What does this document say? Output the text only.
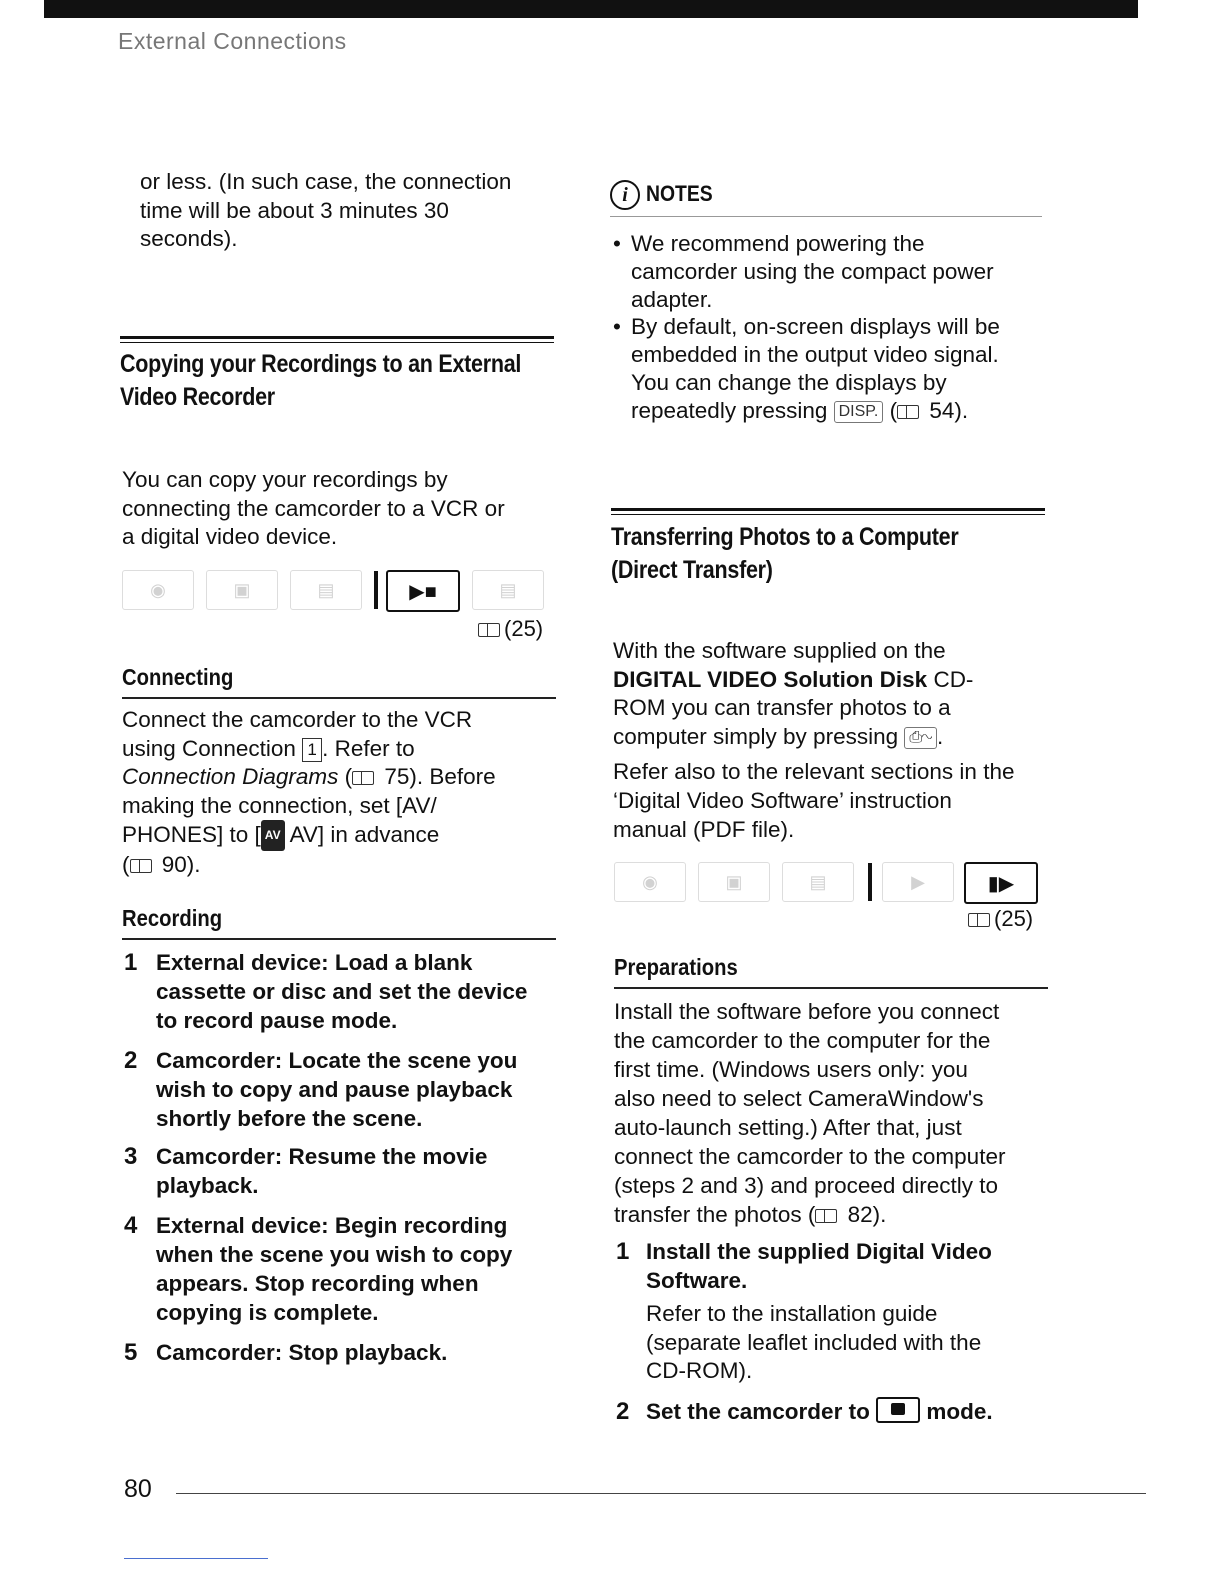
External Connections
or less. (In such case, the connection
time will be about 3 minutes 30
seconds).
Copying your Recordings to an External
Video Recorder
You can copy your recordings by
connecting the camcorder to a VCR or
a digital video device.
◉	▣	▤	▶■	▤
(25)
Connecting
Connect the camcorder to the VCR
using Connection 1 . Refer to
Connection Diagrams ( 75). Before
making the connection, set [AV/
PHONES] to [ AV AV] in advance
( 90).
Recording
1 External device: Load a blank
cassette or disc and set the device
to record pause mode.
2 Camcorder: Locate the scene you
wish to copy and pause playback
shortly before the scene.
3 Camcorder: Resume the movie
playback.
4 External device: Begin recording
when the scene you wish to copy
appears. Stop recording when
copying is complete.
5 Camcorder: Stop playback.
i NOTES
• We recommend powering the
camcorder using the compact power
adapter.
• By default, on-screen displays will be
embedded in the output video signal.
You can change the displays by
repeatedly pressing DISP. ( 54).
Transferring Photos to a Computer
(Direct Transfer)
With the software supplied on the
DIGITAL VIDEO Solution Disk CD-
ROM you can transfer photos to a
computer simply by pressing ⎙∿ .
Refer also to the relevant sections in the
‘Digital Video Software’ instruction
manual (PDF file).
◉	▣	▤	▶	▮▶
(25)
Preparations
Install the software before you connect
the camcorder to the computer for the
first time. (Windows users only: you
also need to select CameraWindow's
auto-launch setting.) After that, just
connect the camcorder to the computer
(steps 2 and 3) and proceed directly to
transfer the photos ( 82).
1 Install the supplied Digital Video
Software.
Refer to the installation guide
(separate leaflet included with the
CD-ROM).
2 Set the camcorder to  mode.
80
